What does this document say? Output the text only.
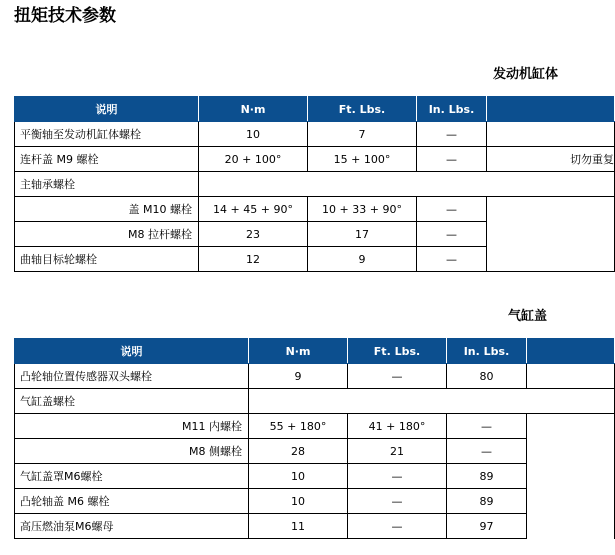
扭矩技术参数
发动机缸体
说明	N·m	Ft. Lbs.	In. Lbs.	
平衡轴至发动机缸体螺栓	10	7	—	
连杆盖 M9 螺栓	20 + 100°	15 + 100°	—	切勿重复
主轴承螺栓				
盖 M10 螺栓	14 + 45 + 90°	10 + 33 + 90°	—	
M8 拉杆螺栓	23	17	—	
曲轴目标轮螺栓	12	9	—	
气缸盖
说明	N·m	Ft. Lbs.	In. Lbs.	
凸轮轴位置传感器双头螺栓	9	—	80	
气缸盖螺栓				
M11 内螺栓	55 + 180°	41 + 180°	—	
M8 侧螺栓	28	21	—	
气缸盖罩M6螺栓	10	—	89	
凸轮轴盖 M6 螺栓	10	—	89	
高压燃油泵M6螺母	11	—	97	
